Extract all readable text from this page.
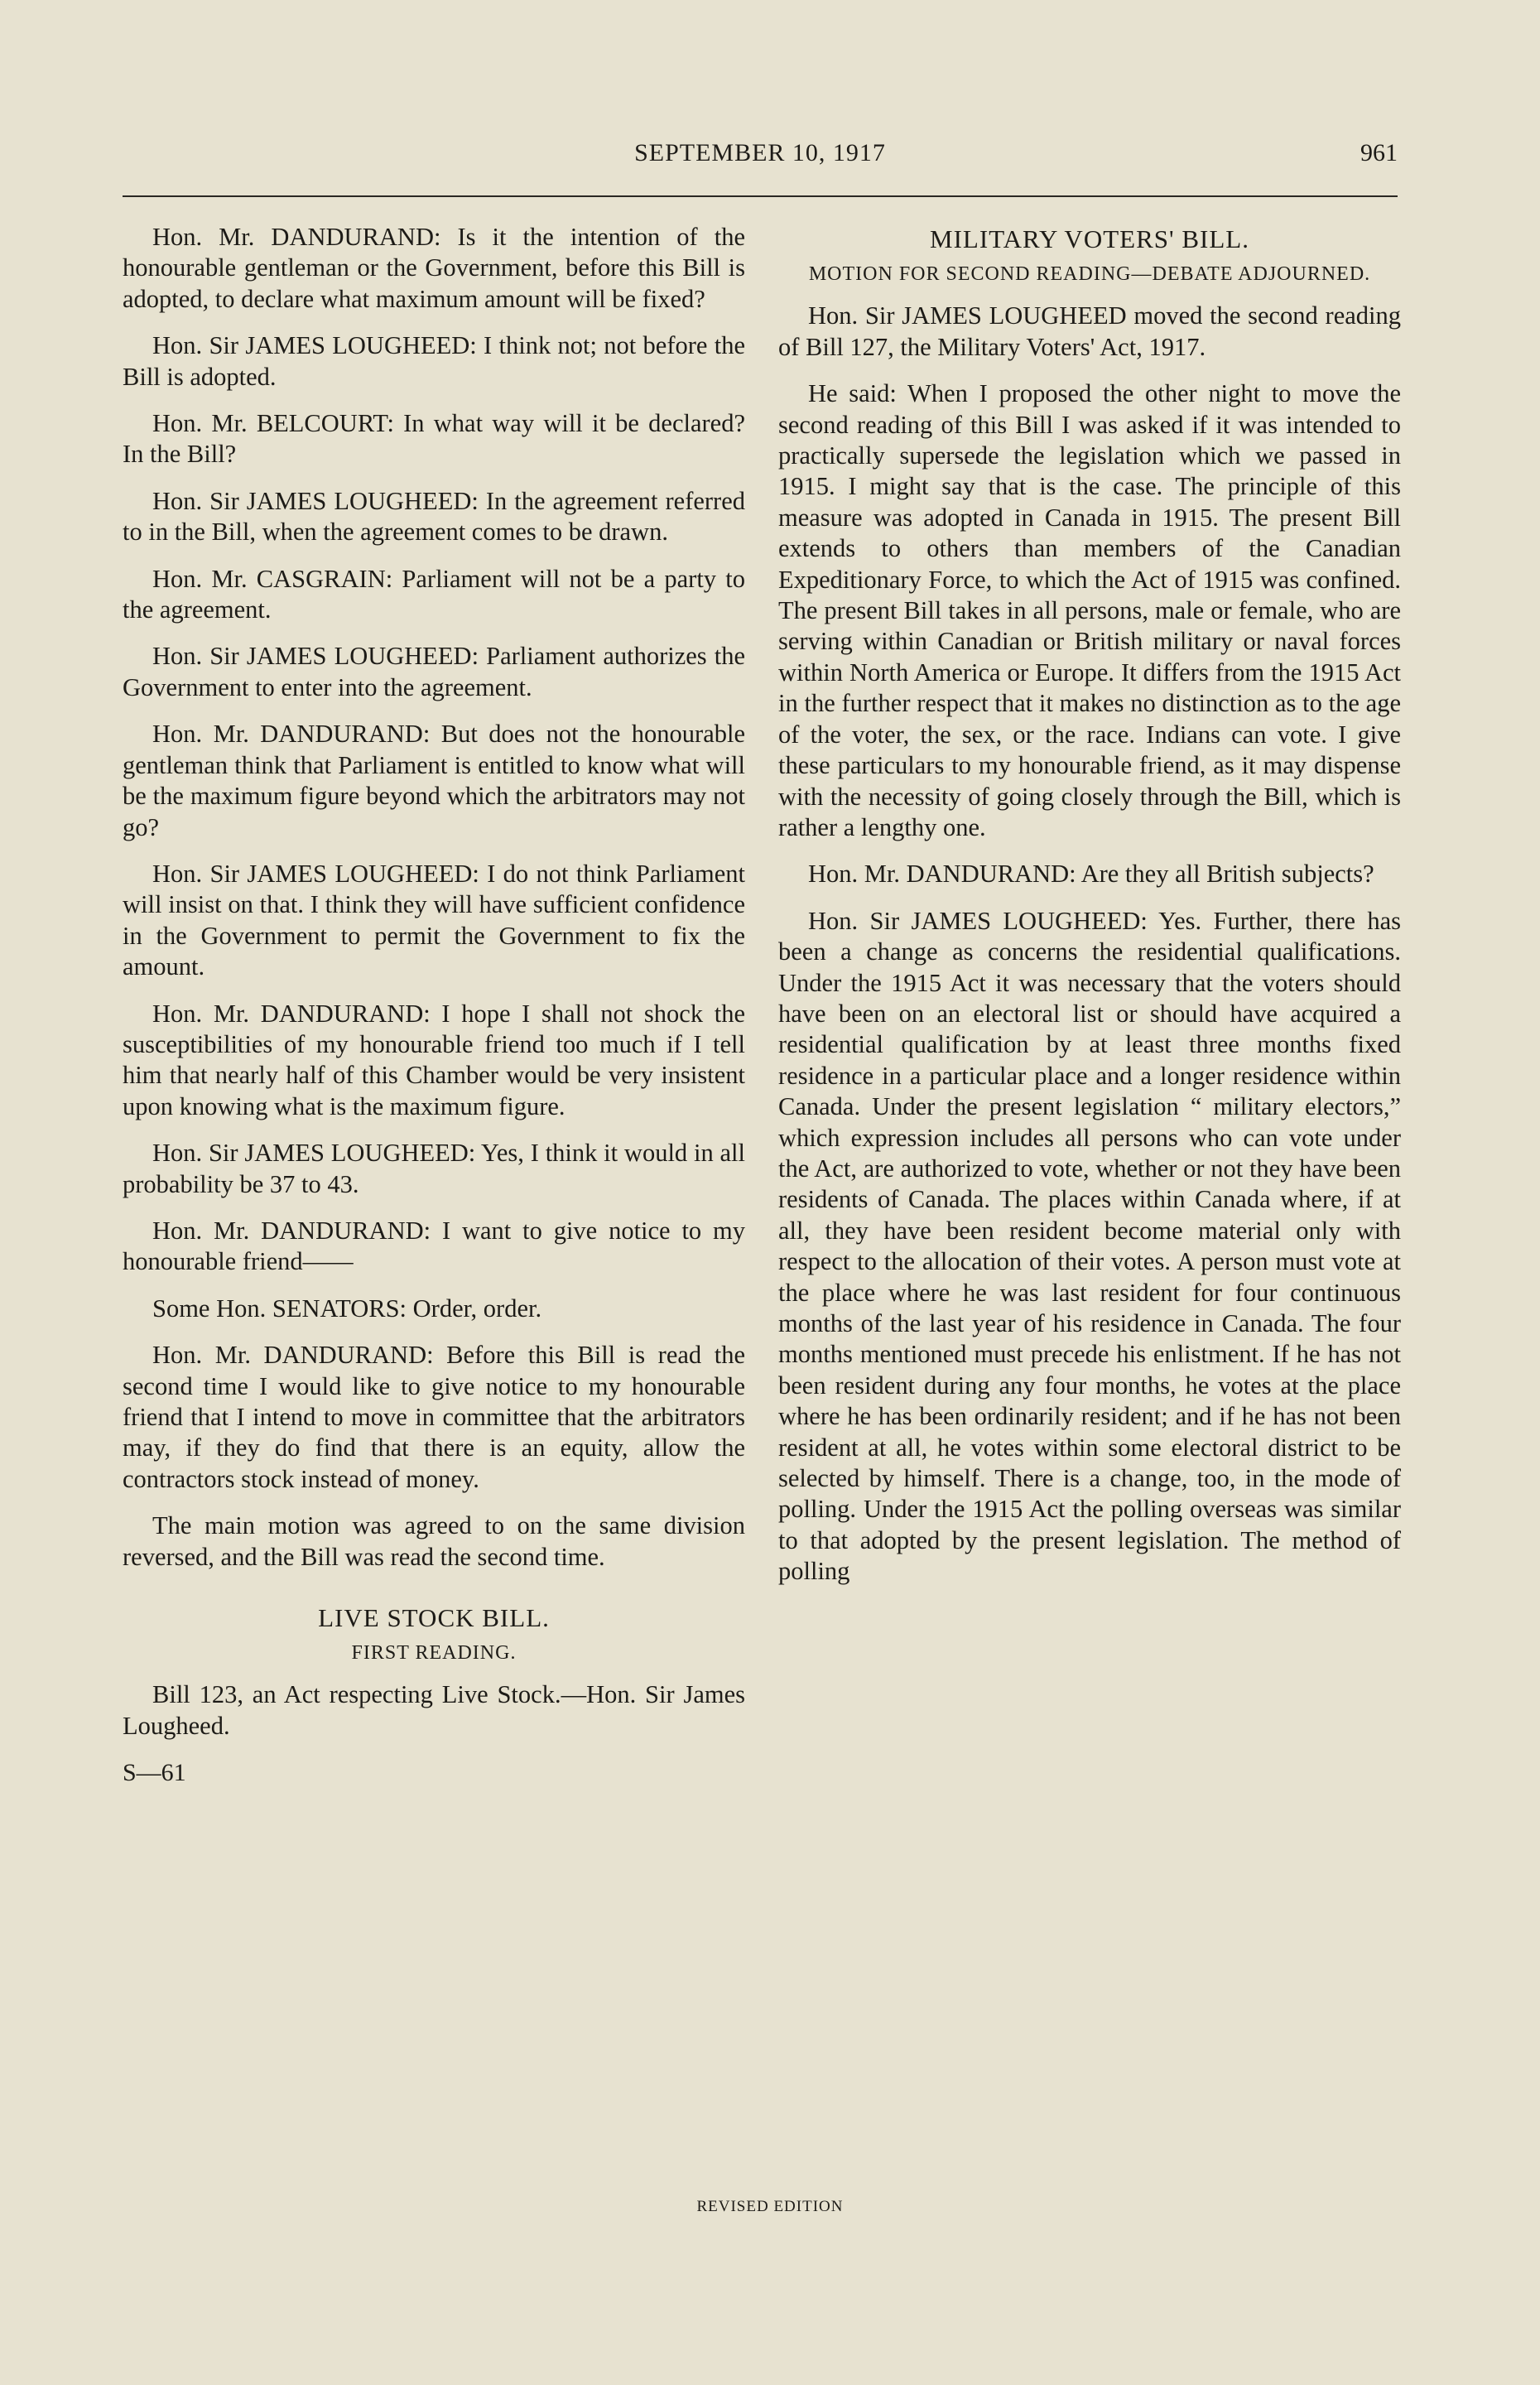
SEPTEMBER 10, 1917	961

Hon. Mr. DANDURAND: Is it the intention of the honourable gentleman or the Government, before this Bill is adopted, to declare what maximum amount will be fixed?

Hon. Sir JAMES LOUGHEED: I think not; not before the Bill is adopted.

Hon. Mr. BELCOURT: In what way will it be declared? In the Bill?

Hon. Sir JAMES LOUGHEED: In the agreement referred to in the Bill, when the agreement comes to be drawn.

Hon. Mr. CASGRAIN: Parliament will not be a party to the agreement.

Hon. Sir JAMES LOUGHEED: Parliament authorizes the Government to enter into the agreement.

Hon. Mr. DANDURAND: But does not the honourable gentleman think that Parliament is entitled to know what will be the maximum figure beyond which the arbitrators may not go?

Hon. Sir JAMES LOUGHEED: I do not think Parliament will insist on that. I think they will have sufficient confidence in the Government to permit the Government to fix the amount.

Hon. Mr. DANDURAND: I hope I shall not shock the susceptibilities of my honourable friend too much if I tell him that nearly half of this Chamber would be very insistent upon knowing what is the maximum figure.

Hon. Sir JAMES LOUGHEED: Yes, I think it would in all probability be 37 to 43.

Hon. Mr. DANDURAND: I want to give notice to my honourable friend——

Some Hon. SENATORS: Order, order.

Hon. Mr. DANDURAND: Before this Bill is read the second time I would like to give notice to my honourable friend that I intend to move in committee that the arbitrators may, if they do find that there is an equity, allow the contractors stock instead of money.

The main motion was agreed to on the same division reversed, and the Bill was read the second time.

LIVE STOCK BILL.
FIRST READING.

Bill 123, an Act respecting Live Stock.—Hon. Sir James Lougheed.

S—61
MILITARY VOTERS' BILL.
MOTION FOR SECOND READING—DEBATE ADJOURNED.

Hon. Sir JAMES LOUGHEED moved the second reading of Bill 127, the Military Voters' Act, 1917.

He said: When I proposed the other night to move the second reading of this Bill I was asked if it was intended to practically supersede the legislation which we passed in 1915. I might say that is the case. The principle of this measure was adopted in Canada in 1915. The present Bill extends to others than members of the Canadian Expeditionary Force, to which the Act of 1915 was confined. The present Bill takes in all persons, male or female, who are serving within Canadian or British military or naval forces within North America or Europe. It differs from the 1915 Act in the further respect that it makes no distinction as to the age of the voter, the sex, or the race. Indians can vote. I give these particulars to my honourable friend, as it may dispense with the necessity of going closely through the Bill, which is rather a lengthy one.

Hon. Mr. DANDURAND: Are they all British subjects?

Hon. Sir JAMES LOUGHEED: Yes. Further, there has been a change as concerns the residential qualifications. Under the 1915 Act it was necessary that the voters should have been on an electoral list or should have acquired a residential qualification by at least three months fixed residence in a particular place and a longer residence within Canada. Under the present legislation “ military electors,” which expression includes all persons who can vote under the Act, are authorized to vote, whether or not they have been residents of Canada. The places within Canada where, if at all, they have been resident become material only with respect to the allocation of their votes. A person must vote at the place where he was last resident for four continuous months of the last year of his residence in Canada. The four months mentioned must precede his enlistment. If he has not been resident during any four months, he votes at the place where he has been ordinarily resident; and if he has not been resident at all, he votes within some electoral district to be selected by himself. There is a change, too, in the mode of polling. Under the 1915 Act the polling overseas was similar to that adopted by the present legislation. The method of polling

REVISED EDITION
